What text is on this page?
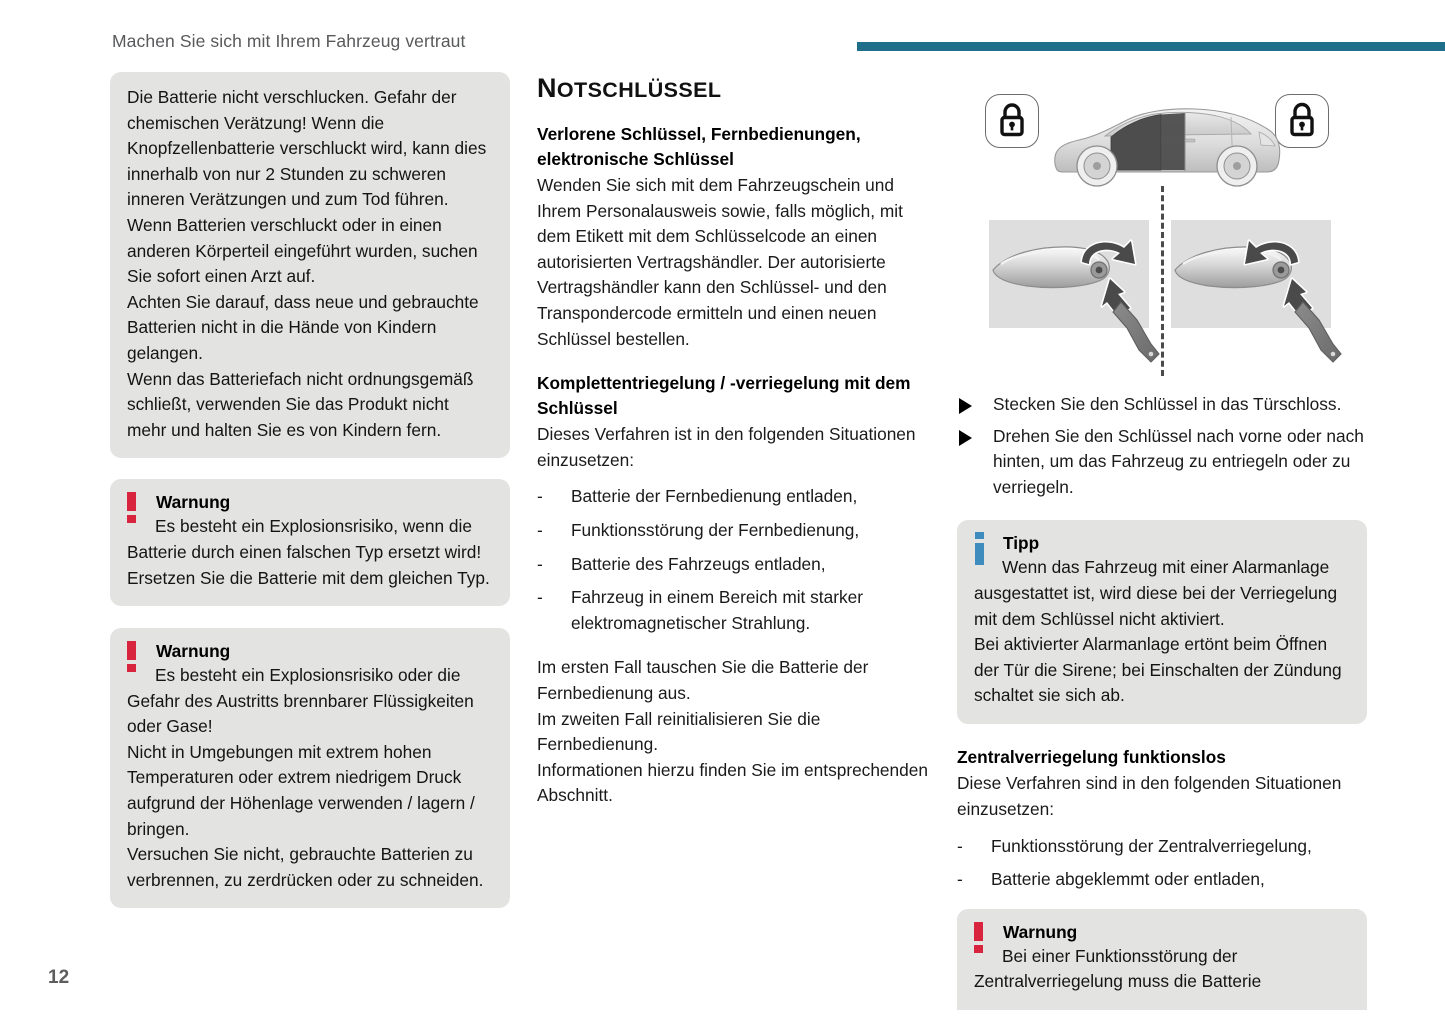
Machen Sie sich mit Ihrem Fahrzeug vertraut

Die Batterie nicht verschlucken. Gefahr der chemischen Verätzung! Wenn die Knopfzellenbatterie verschluckt wird, kann dies innerhalb von nur 2 Stunden zu schweren inneren Verätzungen und zum Tod führen.

Wenn Batterien verschluckt oder in einen anderen Körperteil eingeführt wurden, suchen Sie sofort einen Arzt auf.

Achten Sie darauf, dass neue und gebrauchte Batterien nicht in die Hände von Kindern gelangen.

Wenn das Batteriefach nicht ordnungsgemäß schließt, verwenden Sie das Produkt nicht mehr und halten Sie es von Kindern fern.

Warnung
Es besteht ein Explosionsrisiko, wenn die Batterie durch einen falschen Typ ersetzt wird! Ersetzen Sie die Batterie mit dem gleichen Typ.
Warnung
Es besteht ein Explosionsrisiko oder die Gefahr des Austritts brennbarer Flüssigkeiten oder Gase!
Nicht in Umgebungen mit extrem hohen Temperaturen oder extrem niedrigem Druck aufgrund der Höhenlage verwenden / lagern / bringen.
Versuchen Sie nicht, gebrauchte Batterien zu verbrennen, zu zerdrücken oder zu schneiden.
NOTSCHLÜSSEL
Verlorene Schlüssel, Fernbedienungen, elektronische Schlüssel

Wenden Sie sich mit dem Fahrzeugschein und Ihrem Personalausweis sowie, falls möglich, mit dem Etikett mit dem Schlüsselcode an einen autorisierten Vertragshändler. Der autorisierte Vertragshändler kann den Schlüssel- und den Transpondercode ermitteln und einen neuen Schlüssel bestellen.

Komplettentriegelung / -verriegelung mit dem Schlüssel

Dieses Verfahren ist in den folgenden Situationen einzusetzen:

- Batterie der Fernbedienung entladen,
- Funktionsstörung der Fernbedienung,
- Batterie des Fahrzeugs entladen,
- Fahrzeug in einem Bereich mit starker elektromagnetischer Strahlung.

Im ersten Fall tauschen Sie die Batterie der Fernbedienung aus.

Im zweiten Fall reinitialisieren Sie die Fernbedienung.

Informationen hierzu finden Sie im entsprechenden Abschnitt.

Stecken Sie den Schlüssel in das Türschloss.
Drehen Sie den Schlüssel nach vorne oder nach hinten, um das Fahrzeug zu entriegeln oder zu verriegeln.
Tipp
Wenn das Fahrzeug mit einer Alarmanlage ausgestattet ist, wird diese bei der Verriegelung mit dem Schlüssel nicht aktiviert.
Bei aktivierter Alarmanlage ertönt beim Öffnen der Tür die Sirene; bei Einschalten der Zündung schaltet sie sich ab.
Zentralverriegelung funktionslos

Diese Verfahren sind in den folgenden Situationen einzusetzen:

- Funktionsstörung der Zentralverriegelung,
- Batterie abgeklemmt oder entladen,
Warnung
Bei einer Funktionsstörung der Zentralverriegelung muss die Batterie
12
